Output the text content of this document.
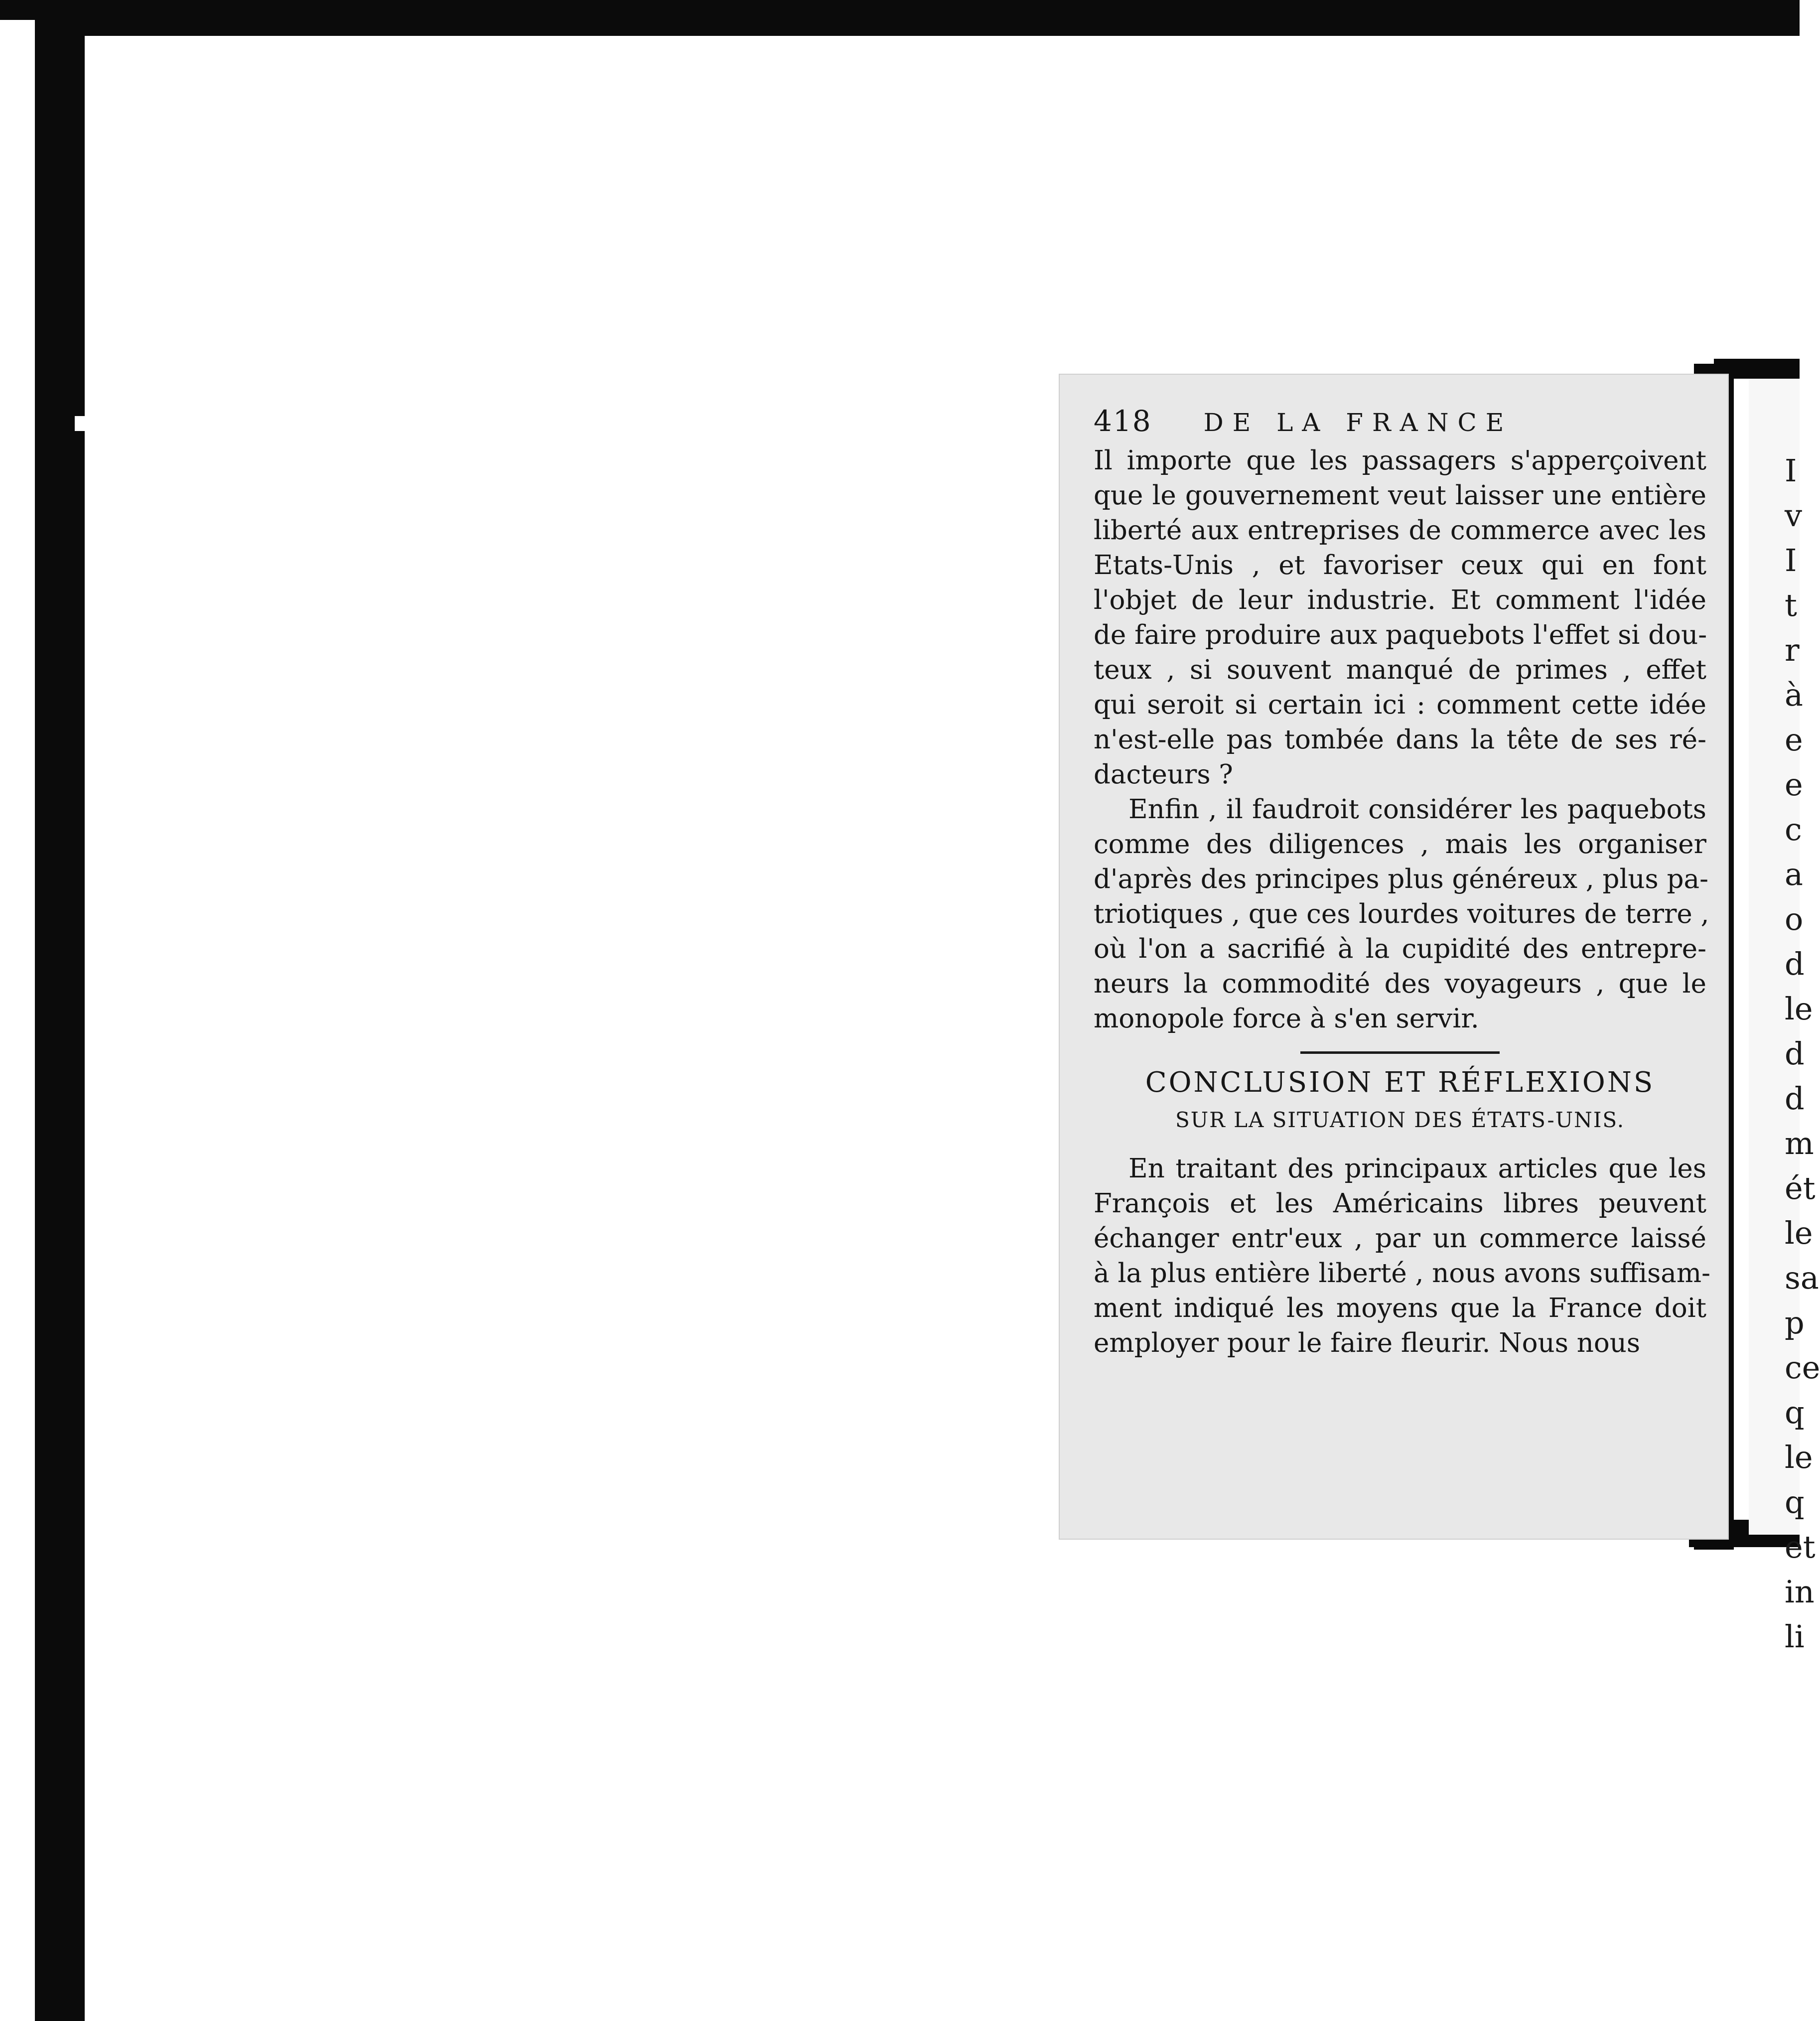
I
v
I
t
r
à
e
e
c
a
o
d
le
d
d
m
ét
le
sa
p
ce
q
le
q
et
in
li
418 DE LA FRANCE
Il importe que les passagers s'apperçoivent
que le gouvernement veut laisser une entière
liberté aux entreprises de commerce avec les
Etats-Unis , et favoriser ceux qui en font
l'objet de leur industrie. Et comment l'idée
de faire produire aux paquebots l'effet si dou-
teux , si souvent manqué de primes , effet
qui seroit si certain ici : comment cette idée
n'est-elle pas tombée dans la tête de ses ré-
dacteurs ?
Enfin , il faudroit considérer les paquebots
comme des diligences , mais les organiser
d'après des principes plus généreux , plus pa-
triotiques , que ces lourdes voitures de terre ,
où l'on a sacrifié à la cupidité des entrepre-
neurs la commodité des voyageurs , que le
monopole force à s'en servir.
CONCLUSION ET RÉFLEXIONS
SUR LA SITUATION DES ÉTATS-UNIS.
En traitant des principaux articles que les
François et les Américains libres peuvent
échanger entr'eux , par un commerce laissé
à la plus entière liberté , nous avons suffisam-
ment indiqué les moyens que la France doit
employer pour le faire fleurir. Nous nous
